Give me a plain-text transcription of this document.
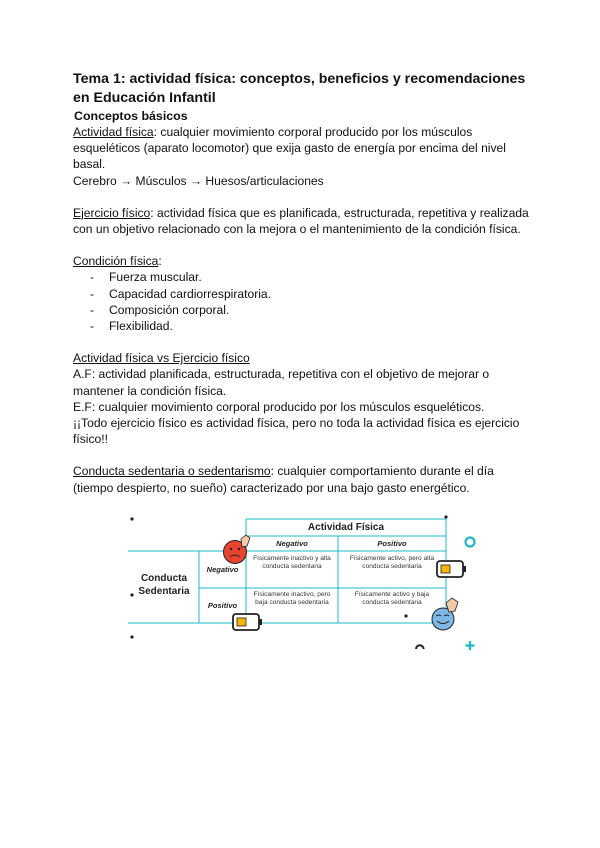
Tema 1: actividad física: conceptos, beneficios y recomendaciones en Educación Infantil

Conceptos básicos

Actividad física: cualquier movimiento corporal producido por los músculos esqueléticos (aparato locomotor) que exija gasto de energía por encima del nivel basal.

Cerebro → Músculos → Huesos/articulaciones

Ejercicio físico: actividad física que es planificada, estructurada, repetitiva y realizada con un objetivo relacionado con la mejora o el mantenimiento de la condición física.

Condición física:

- Fuerza muscular.
- Capacidad cardiorrespiratoria.
- Composición corporal.
- Flexibilidad.

Actividad física vs Ejercicio físico

A.F: actividad planificada, estructurada, repetitiva con el objetivo de mejorar o mantener la condición física.

E.F: cualquier movimiento corporal producido por los músculos esqueléticos.

¡¡Todo ejercicio físico es actividad física, pero no toda la actividad física es ejercicio físico!!

Conducta sedentaria o sedentarismo: cualquier comportamiento durante el día (tiempo despierto, no sueño) caracterizado por una bajo gasto energético.

Actividad Física
Negativo	Positivo
Conducta Sedentaria
Negativo
Positivo
Físicamente inactivo y alta conducta sedentaria
Físicamente activo, pero alta conducta sedentaria
Físicamente inactivo, pero baja conducta sedentaria
Físicamente activo y baja conducta sedentaria
